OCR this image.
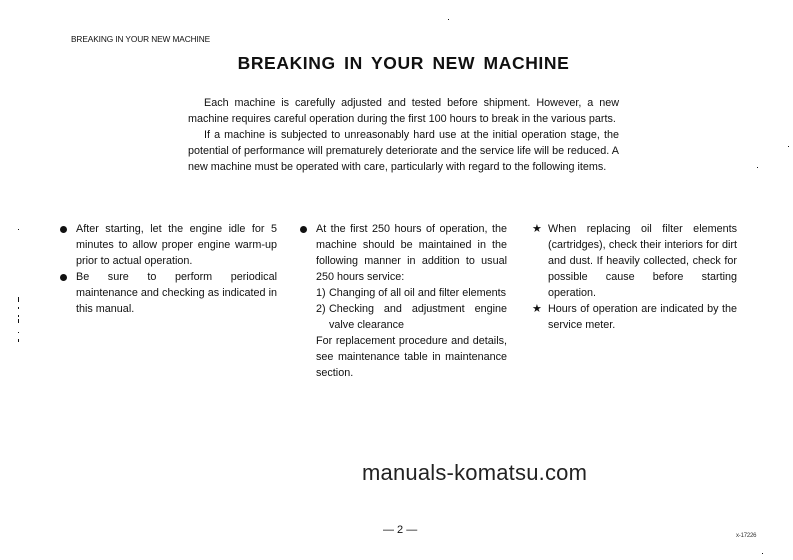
BREAKING IN YOUR NEW MACHINE
BREAKING IN YOUR NEW MACHINE

Each machine is carefully adjusted and tested before shipment. However, a new machine requires careful operation during the first 100 hours to break in the various parts.

If a machine is subjected to unreasonably hard use at the initial operation stage, the potential of performance will prematurely deteriorate and the service life will be reduced. A new machine must be operated with care, particularly with regard to the following items.

After starting, let the engine idle for 5 minutes to allow proper engine warm-up prior to actual operation.
Be sure to perform periodical maintenance and checking as indicated in this manual.
At the first 250 hours of operation, the machine should be maintained in the following manner in addition to usual 250 hours service:
1) Changing of all oil and filter elements
2) Checking and adjustment engine valve clearance
For replacement procedure and details, see maintenance table in maintenance section.
★ When replacing oil filter elements (cartridges), check their interiors for dirt and dust. If heavily collected, check for possible cause before starting operation.
★ Hours of operation are indicated by the service meter.
manuals-komatsu.com
— 2 —	x-17226
